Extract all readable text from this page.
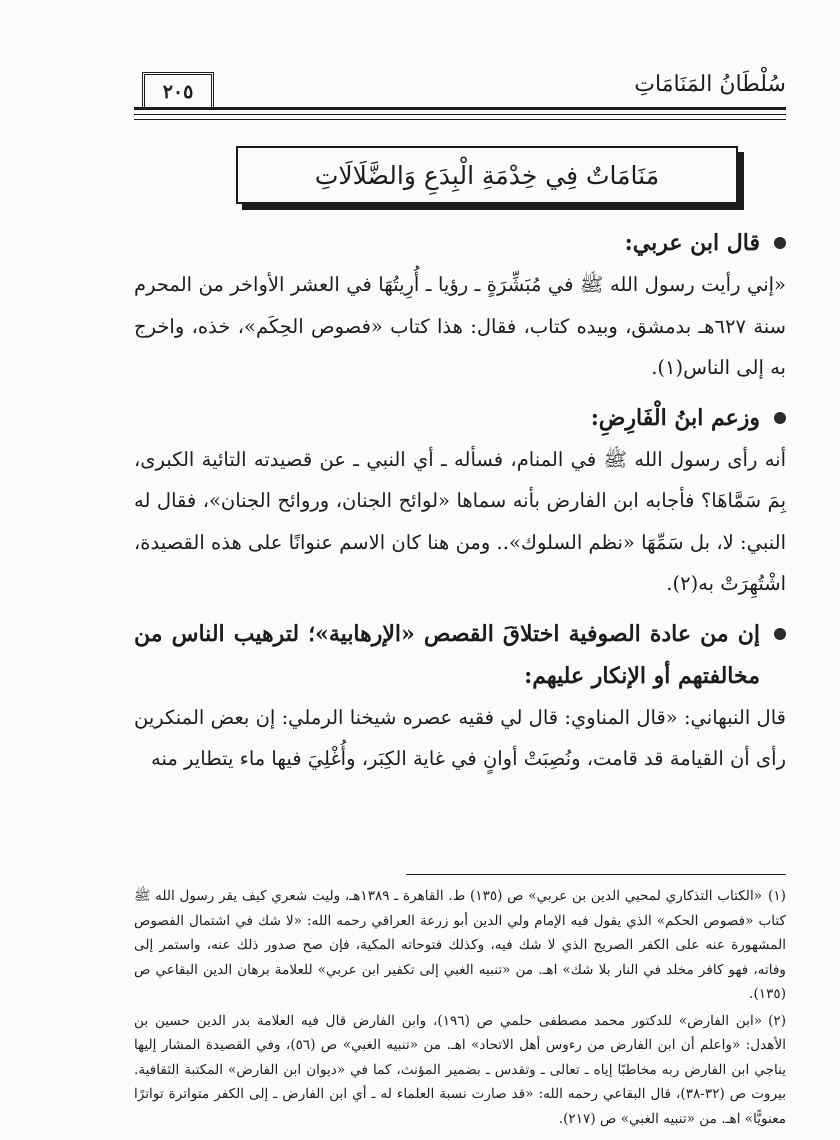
سُلْطَانُ المَنَامَاتِ
٢٠٥
مَنَامَاتٌ فِي خِدْمَةِ الْبِدَعِ وَالضَّلَالَاتِ
قال ابن عربي:

«إني رأيت رسول الله ﷺ في مُبَشِّرَةٍ ـ رؤيا ـ أُرِيتُهَا في العشر الأواخر من المحرم سنة ٦٢٧هـ بدمشق، وبيده كتاب، فقال: هذا كتاب «فصوص الحِكَم»، خذه، واخرج به إلى الناس(١).

وزعم ابنُ الْفَارِضِ:

أنه رأى رسول الله ﷺ في المنام، فسأله ـ أي النبي ـ عن قصيدته التائية الكبرى، بِمَ سَمَّاهَا؟ فأجابه ابن الفارض بأنه سماها «لوائح الجنان، وروائح الجنان»، فقال له النبي: لا، بل سَمِّهَا «نظم السلوك».. ومن هنا كان الاسم عنوانًا على هذه القصيدة، اشْتُهِرَتْ به(٢).

إن من عادة الصوفية اختلاقَ القصص «الإرهابية»؛ لترهيب الناس من مخالفتهم أو الإنكار عليهم:

قال النبهاني: «قال المناوي: قال لي فقيه عصره شيخنا الرملي: إن بعض المنكرين رأى أن القيامة قد قامت، ونُصِبَتْ أوانٍ في غاية الكِبَر، وأُغْلِيَ فيها ماء يتطاير منه

(١)«الكتاب التذكاري لمحيي الدين بن عربي» ص (١٣٥) ط. القاهرة ـ ١٣٨٩هـ، وليت شعري كيف يقر رسول الله ﷺ كتاب «فصوص الحكم» الذي يقول فيه الإمام ولي الدين أبو زرعة العراقي رحمه الله: «لا شك في اشتمال الفصوص المشهورة عنه على الكفر الصريح الذي لا شك فيه، وكذلك فتوحاته المكية، فإن صح صدور ذلك عنه، واستمر إلى وفاته، فهو كافر مخلد في النار بلا شك» اهـ. من «تنبيه الغبي إلى تكفير ابن عربي» للعلامة برهان الدين البقاعي ص (١٣٥).

(٢)«ابن الفارض» للدكتور محمد مصطفى حلمي ص (١٩٦)، وابن الفارض قال فيه العلامة بدر الدين حسين بن الأهدل: «واعلم أن ابن الفارض من رءوس أهل الاتحاد» اهـ. من «تنبيه الغبي» ص (٥٦)، وفي القصيدة المشار إليها يناجي ابن الفارض ربه مخاطبًا إياه ـ تعالى ـ وتقدس ـ بضمير المؤنث، كما في «ديوان ابن الفارض» المكتبة الثقافية. بيروت ص (٣٢-٣٨)، قال البقاعي رحمه الله: «قد صارت نسبة العلماء له ـ أي ابن الفارض ـ إلى الكفر متواترة تواترًا معنويًّا» اهـ. من «تنبيه الغبي» ص (٢١٧).
